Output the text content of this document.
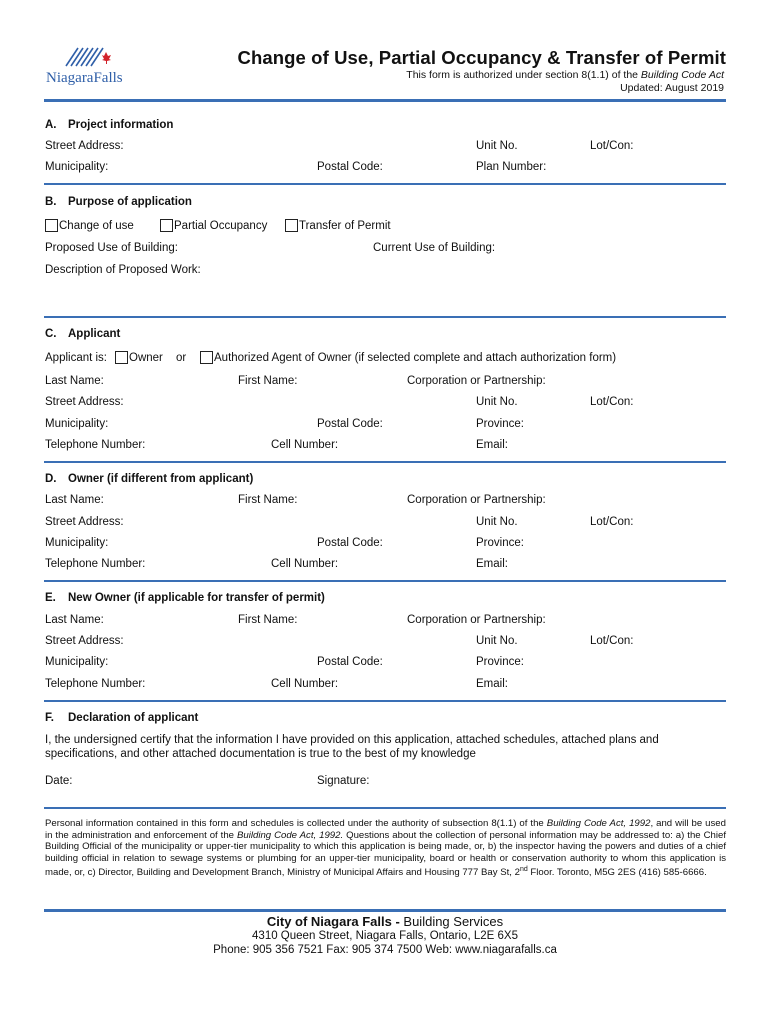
NiagaraFalls
Change of Use, Partial Occupancy & Transfer of Permit
This form is authorized under section 8(1.1) of the Building Code Act
Updated: August 2019
A. Project information
Street Address:	Unit No.	Lot/Con:
Municipality:	Postal Code:	Plan Number:
B. Purpose of application
Change of use	Partial Occupancy	Transfer of Permit
Proposed Use of Building:	Current Use of Building:
Description of Proposed Work:
C. Applicant
Applicant is:	Owner or	Authorized Agent of Owner (if selected complete and attach authorization form)
Last Name:	First Name:	Corporation or Partnership:
Street Address:	Unit No.	Lot/Con:
Municipality:	Postal Code:	Province:
Telephone Number:	Cell Number:	Email:
D. Owner (if different from applicant)
Last Name:	First Name:	Corporation or Partnership:
Street Address:	Unit No.	Lot/Con:
Municipality:	Postal Code:	Province:
Telephone Number:	Cell Number:	Email:
E. New Owner (if applicable for transfer of permit)
Last Name:	First Name:	Corporation or Partnership:
Street Address:	Unit No.	Lot/Con:
Municipality:	Postal Code:	Province:
Telephone Number:	Cell Number:	Email:
F. Declaration of applicant
I, the undersigned certify that the information I have provided on this application, attached schedules, attached plans and specifications, and other attached documentation is true to the best of my knowledge
Date:	Signature:
Personal information contained in this form and schedules is collected under the authority of subsection 8(1.1) of the Building Code Act, 1992, and will be used in the administration and enforcement of the Building Code Act, 1992. Questions about the collection of personal information may be addressed to: a) the Chief Building Official of the municipality or upper-tier municipality to which this application is being made, or, b) the inspector having the powers and duties of a chief building official in relation to sewage systems or plumbing for an upper-tier municipality, board or health or conservation authority to whom this application is made, or, c) Director, Building and Development Branch, Ministry of Municipal Affairs and Housing 777 Bay St, 2nd Floor. Toronto, M5G 2ES (416) 585-6666.
City of Niagara Falls - Building Services
4310 Queen Street, Niagara Falls, Ontario, L2E 6X5
Phone: 905 356 7521 Fax: 905 374 7500 Web: www.niagarafalls.ca
